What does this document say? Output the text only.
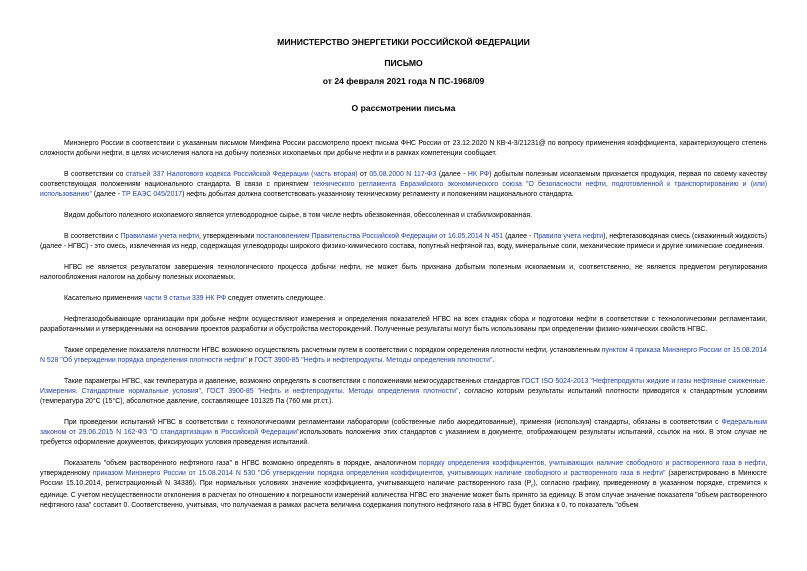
МИНИСТЕРСТВО ЭНЕРГЕТИКИ РОССИЙСКОЙ ФЕДЕРАЦИИ
ПИСЬМО
от 24 февраля 2021 года N ПС-1968/09
О рассмотрении письма

Минэнерго России в соответствии с указанным письмом Минфина России рассмотрело проект письма ФНС России от 23.12.2020 N КВ-4-3/21231@ по вопросу применения коэффициента, характеризующего степень сложности добычи нефти, в целях исчисления налога на добычу полезных ископаемых при добыче нефти и в рамках компетенции сообщает.

В соответствии со статьей 337 Налогового кодекса Российской Федерации (часть вторая) от 05.08.2000 N 117-ФЗ (далее - НК РФ) добытым полезным ископаемым признается продукция, первая по своему качеству соответствующая положениям национального стандарта. В связи с принятием технического регламента Евразийского экономического союза "О безопасности нефти, подготовленной к транспортированию и (или) использованию" (далее - ТР ЕАЭС 045/2017) нефть добытая должна соответствовать указанному техническому регламенту и положениям национального стандарта.

Видом добытого полезного ископаемого является углеводородное сырье, в том числе нефть обезвоженная, обессоленная и стабилизированная.

В соответствии с Правилами учета нефти, утвержденными постановлением Правительства Российской Федерации от 16.05.2014 N 451 (далее - Правила учета нефти), нефтегазоводяная смесь (скважинный жидкость) (далее - НГВС) - это смесь, извлеченная из недр, содержащая углеводороды широкого физико-химического состава, попутный нефтяной газ, воду, минеральные соли, механические примеси и другие химические соединения.

НГВС не является результатом завершения технологического процесса добычи нефти, не может быть признана добытым полезным ископаемым и, соответственно, не является предметом регулирования налогообложения налогом на добычу полезных ископаемых.

Касательно применения части 9 статьи 339 НК РФ следует отметить следующее.

Нефтегазодобывающие организации при добыче нефти осуществляют измерения и определения показателей НГВС на всех стадиях сбора и подготовки нефти в соответствии с технологическими регламентами, разработанными и утвержденными на основании проектов разработки и обустройства месторождений. Полученные результаты могут быть использованы при определении физико-химических свойств НГВС.

Также определение показателя плотности НГВС возможно осуществлять расчетным путем в соответствии с порядком определения плотности нефти, установленным пунктом 4 приказа Минэнерго России от 15.08.2014 N 528 "Об утверждении порядка определения плотности нефти" и ГОСТ 3900-85 "Нефть и нефтепродукты. Методы определения плотности".

Такие параметры НГВС, как температура и давление, возможно определять в соответствии с положениями межгосударственных стандартов ГОСТ ISO 5024-2013 "Нефтепродукты жидкие и газы нефтяные сжиженные. Измерения. Стандартные нормальные условия", ГОСТ 3900-85 "Нефть и нефтепродукты. Методы определения плотности", согласно которым результаты испытаний плотности приводятся к стандартным условиям (температура 20°С (15°С), абсолютное давление, составляющее 101325 Па (760 мм рт.ст.).

При проведении испытаний НГВС в соответствии с технологическими регламентами лаборатории (собственные либо аккредитованные), применяя (используя) стандарты, обязаны в соответствии с Федеральным законом от 29.06.2015 N 162-ФЗ "О стандартизации в Российской Федерации"использовать положения этих стандартов с указанием в документе, отображающем результаты испытаний, ссылок на них. В этом случае не требуется оформление документов, фиксирующих условия проведения испытаний.

Показатель "объем растворенного нефтяного газа" в НГВС возможно определять в порядке, аналогичном порядку определения коэффициентов, учитывающих наличие свободного и растворенного газа в нефти, утвержденному приказом Минэнерго России от 15.08.2014 N 530 "Об утверждении порядка определения коэффициентов, учитывающих наличие свободного и растворенного газа в нефти" (зарегистрировано в Минюсте России 15.10.2014, регистрационный N 34336). При нормальных условиях значение коэффициента, учитывающего наличие растворенного газа $(Р_г)$, согласно графику, приведенному в указанном порядке, стремится к единице. С учетом несущественности отклонения в расчетах по отношению к погрешности измерений количества НГВС его значение может быть принято за единицу. В этом случае значение показателя "объем растворенного нефтяного газа" составит 0. Соответственно, учитывая, что получаемая в рамках расчета величина содержания попутного нефтяного газа в НГВС будет близка к 0, то показатель "объем
